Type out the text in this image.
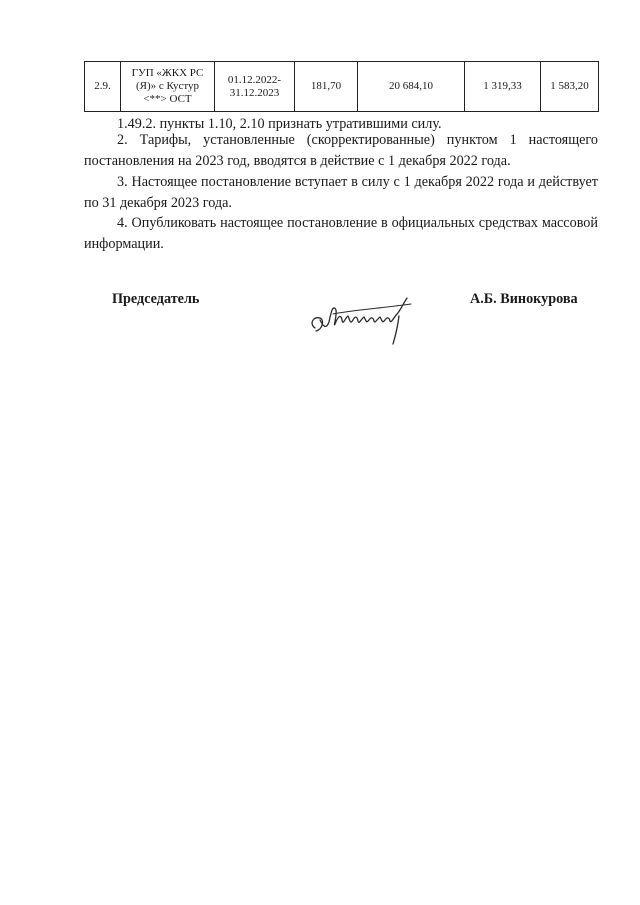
2.9.	ГУП «ЖКХ РС
(Я)» с Кустур
<**> ОСТ	01.12.2022-
31.12.2023	181,70	20 684,10	1 319,33	1 583,20
1.49.2. пункты 1.10, 2.10 признать утратившими силу.
2. Тарифы, установленные (скорректированные) пунктом 1 настоящего постановления на 2023 год, вводятся в действие с 1 декабря 2022 года.
3. Настоящее постановление вступает в силу с 1 декабря 2022 года и действует по 31 декабря 2023 года.
4. Опубликовать настоящее постановление в официальных средствах массовой информации.
Председатель	А.Б. Винокурова
